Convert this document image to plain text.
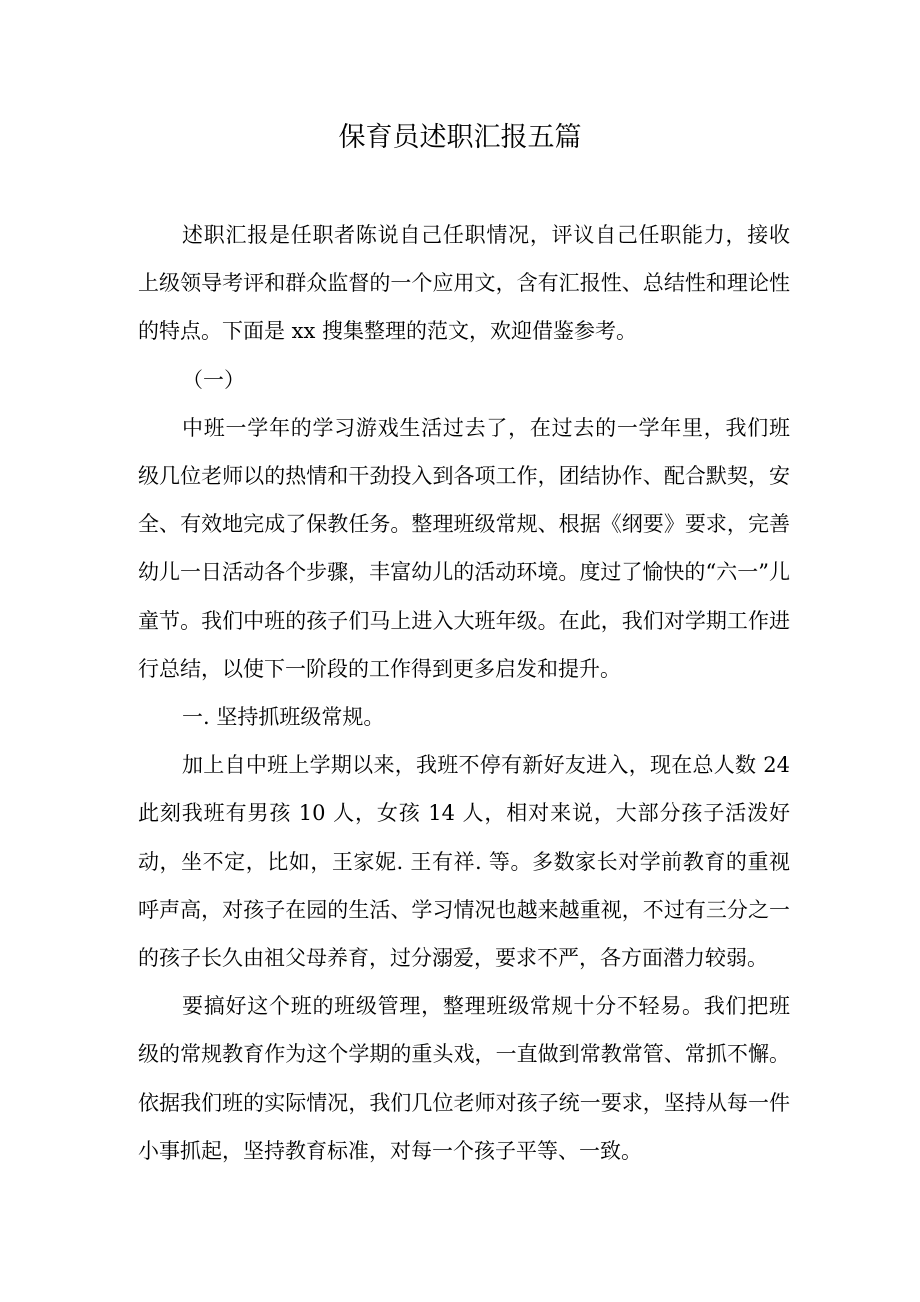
保育员述职汇报五篇

述职汇报是任职者陈说自己任职情况，评议自己任职能力，接收上级领导考评和群众监督的一个应用文，含有汇报性、总结性和理论性的特点。下面是 xx 搜集整理的范文，欢迎借鉴参考。

（一）

中班一学年的学习游戏生活过去了，在过去的一学年里，我们班级几位老师以的热情和干劲投入到各项工作，团结协作、配合默契，安全、有效地完成了保教任务。整理班级常规、根据《纲要》要求，完善幼儿一日活动各个步骤，丰富幼儿的活动环境。度过了愉快的“六一”儿童节。我们中班的孩子们马上进入大班年级。在此，我们对学期工作进行总结，以使下一阶段的工作得到更多启发和提升。

一. 坚持抓班级常规。

加上自中班上学期以来，我班不停有新好友进入，现在总人数 24 此刻我班有男孩 10 人，女孩 14 人，相对来说，大部分孩子活泼好动，坐不定，比如，王家妮. 王有祥. 等。多数家长对学前教育的重视呼声高，对孩子在园的生活、学习情况也越来越重视，不过有三分之一的孩子长久由祖父母养育，过分溺爱，要求不严，各方面潜力较弱。

要搞好这个班的班级管理，整理班级常规十分不轻易。我们把班级的常规教育作为这个学期的重头戏，一直做到常教常管、常抓不懈。依据我们班的实际情况，我们几位老师对孩子统一要求，坚持从每一件小事抓起，坚持教育标准，对每一个孩子平等、一致。
